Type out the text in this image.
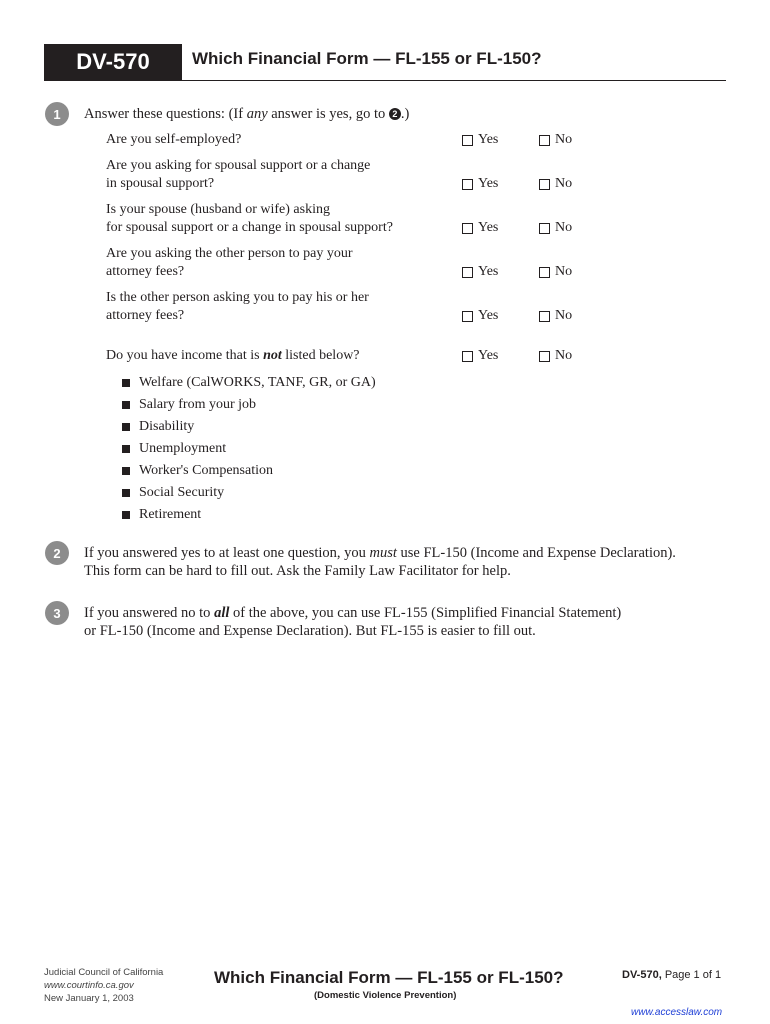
DV-570	Which Financial Form — FL-155 or FL-150?
1	Answer these questions: (If any answer is yes, go to 2 .)
Are you self-employed?	Yes	No
Are you asking for spousal support or a change
in spousal support?	Yes	No
Is your spouse (husband or wife) asking
for spousal support or a change in spousal support?	Yes	No
Are you asking the other person to pay your
attorney fees?	Yes	No
Is the other person asking you to pay his or her
attorney fees?	Yes	No
Do you have income that is not listed below?	Yes	No
Welfare (CalWORKS, TANF, GR, or GA)
Salary from your job
Disability
Unemployment
Worker's Compensation
Social Security
Retirement
2	If you answered yes to at least one question, you must use FL-150 (Income and Expense Declaration).
This form can be hard to fill out. Ask the Family Law Facilitator for help.
3	If you answered no to all of the above, you can use FL-155 (Simplified Financial Statement)
or FL-150 (Income and Expense Declaration). But FL-155 is easier to fill out.
Judicial Council of California
www.courtinfo.ca.gov
New January 1, 2003
Which Financial Form — FL-155 or FL-150?
(Domestic Violence Prevention)
DV-570, Page 1 of 1
www.accesslaw.com
